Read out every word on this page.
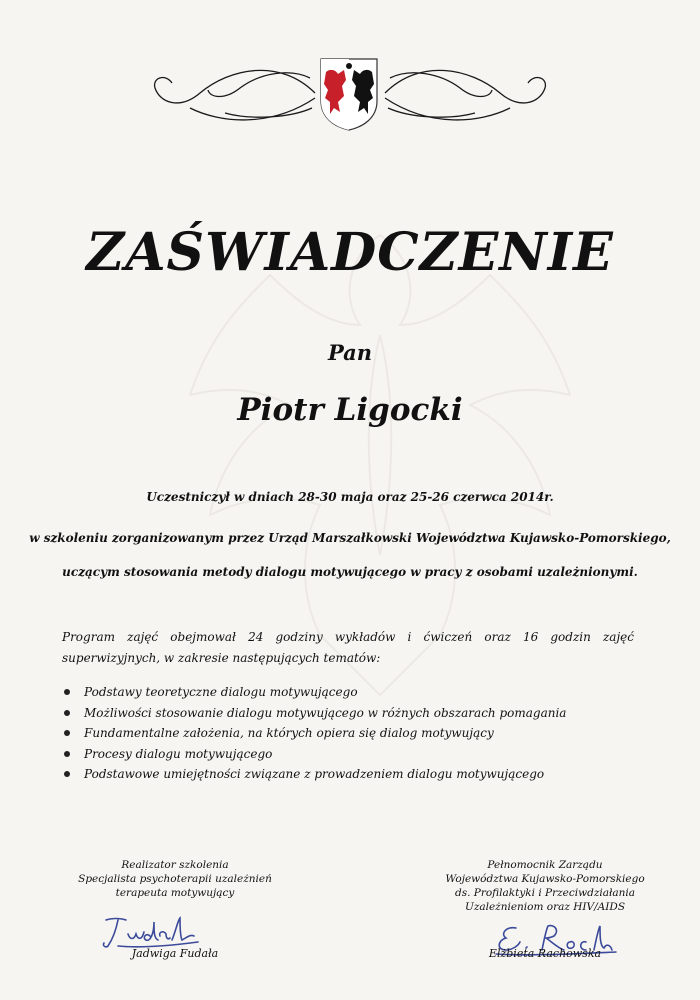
ZAŚWIADCZENIE
Pan
Piotr Ligocki
Uczestniczył w dniach 28-30 maja oraz 25-26 czerwca 2014r.
w szkoleniu zorganizowanym przez Urząd Marszałkowski Województwa Kujawsko-Pomorskiego,
uczącym stosowania metody dialogu motywującego w pracy z osobami uzależnionymi.
Program zajęć obejmował 24 godziny wykładów i ćwiczeń oraz 16 godzin zajęć superwizyjnych, w zakresie następujących tematów:
Podstawy teoretyczne dialogu motywującego
Możliwości stosowanie dialogu motywującego w różnych obszarach pomagania
Fundamentalne założenia, na których opiera się dialog motywujący
Procesy dialogu motywującego
Podstawowe umiejętności związane z prowadzeniem dialogu motywującego
Realizator szkolenia
Specjalista psychoterapii uzależnień
terapeuta motywujący
Jadwiga Fudała
Pełnomocnik Zarządu
Województwa Kujawsko-Pomorskiego
ds. Profilaktyki i Przeciwdziałania
Uzależnieniom oraz HIV/AIDS
Elżbieta Rachowska
